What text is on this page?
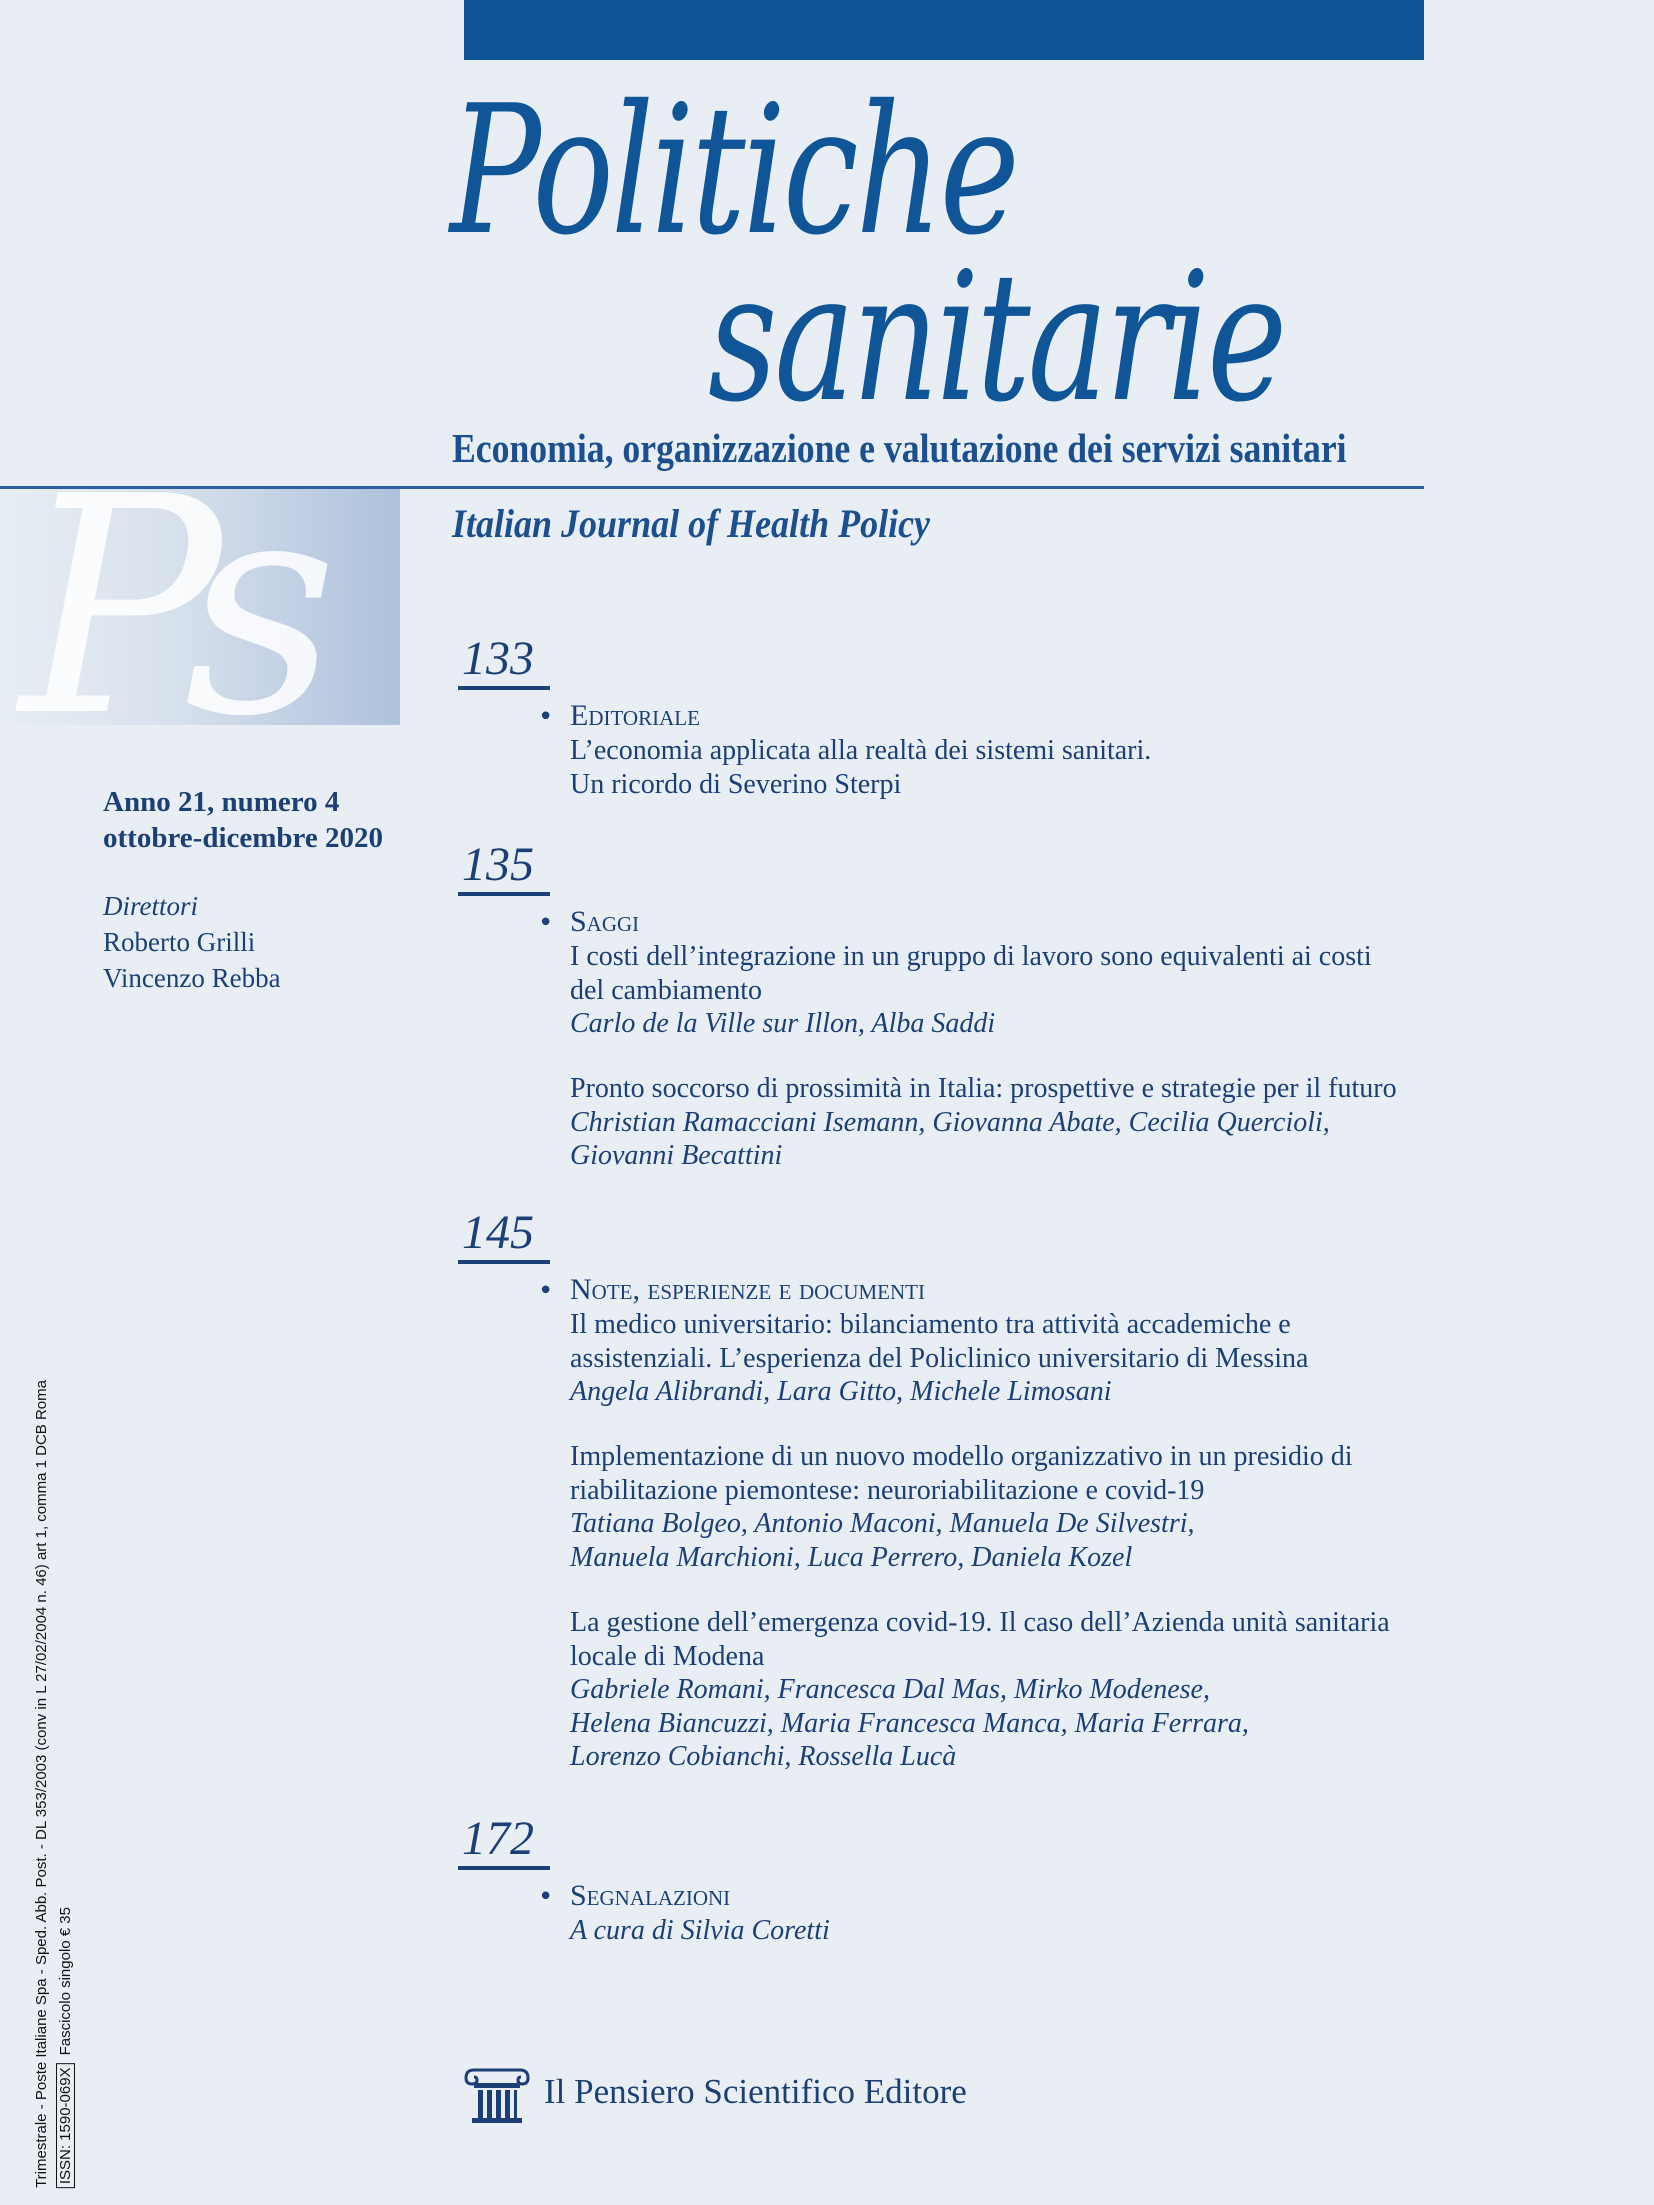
Politiche
sanitarie

Economia, organizzazione e valutazione dei servizi sanitari

Italian Journal of Health Policy

Ps

Anno 21, numero 4
ottobre-dicembre 2020

Direttori
Roberto Grilli
Vincenzo Rebba
133
• Editoriale
L’economia applicata alla realtà dei sistemi sanitari.
Un ricordo di Severino Sterpi
135
• Saggi
I costi dell’integrazione in un gruppo di lavoro sono equivalenti ai costi
del cambiamento
Carlo de la Ville sur Illon, Alba Saddi
Pronto soccorso di prossimità in Italia: prospettive e strategie per il futuro
Christian Ramacciani Isemann, Giovanna Abate, Cecilia Quercioli,
Giovanni Becattini
145
• Note, esperienze e documenti
Il medico universitario: bilanciamento tra attività accademiche e
assistenziali. L’esperienza del Policlinico universitario di Messina
Angela Alibrandi, Lara Gitto, Michele Limosani
Implementazione di un nuovo modello organizzativo in un presidio di
riabilitazione piemontese: neuroriabilitazione e covid-19
Tatiana Bolgeo, Antonio Maconi, Manuela De Silvestri,
Manuela Marchioni, Luca Perrero, Daniela Kozel
La gestione dell’emergenza covid-19. Il caso dell’Azienda unità sanitaria
locale di Modena
Gabriele Romani, Francesca Dal Mas, Mirko Modenese,
Helena Biancuzzi, Maria Francesca Manca, Maria Ferrara,
Lorenzo Cobianchi, Rossella Lucà
172
• Segnalazioni
A cura di Silvia Coretti
Trimestrale - Poste Italiane Spa - Sped. Abb. Post. - DL 353/2003 (conv in L 27/02/2004 n. 46) art 1, comma 1 DCB Roma ISSN: 1590-069XFascicolo singolo € 35
Il Pensiero Scientifico Editore
